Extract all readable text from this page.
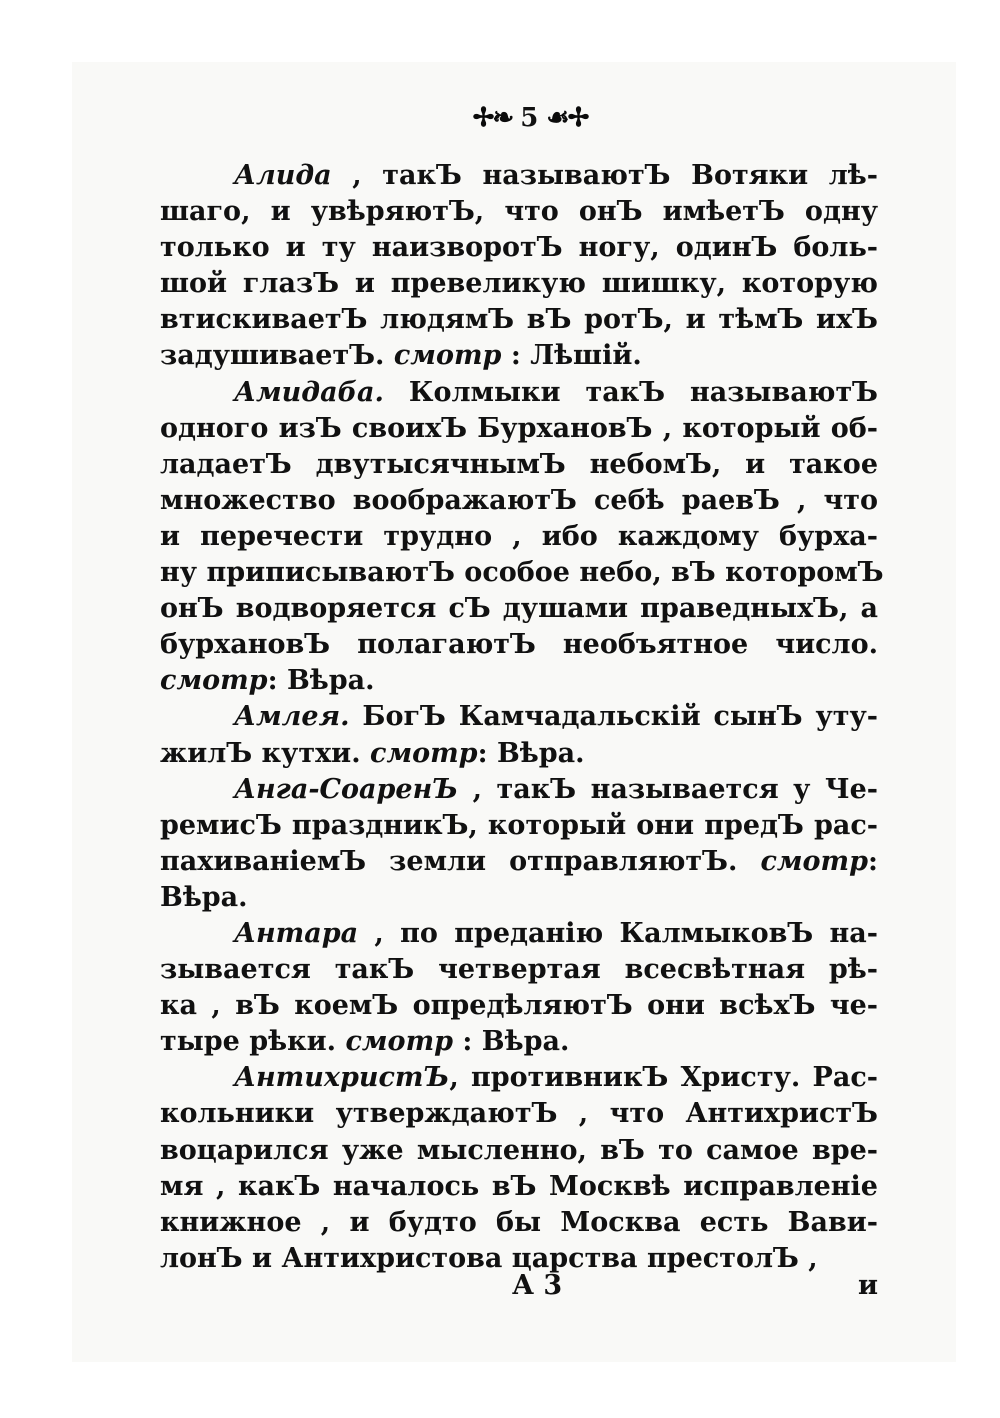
✢❧ 5 ☙✢

Алида , такЪ называютЪ Вотяки лѣ-
шаго, и увѣряютЪ, что онЪ имѣетЪ одну
только и ту наизворотЪ ногу, одинЪ боль-
шой глазЪ и превеликую шишку, которую
втискиваетЪ людямЪ вЪ ротЪ, и тѣмЪ ихЪ
задушиваетЪ. смотр : Лѣшій.

Амидаба. Колмыки такЪ называютЪ
одного изЪ своихЪ БурхановЪ , который об-
ладаетЪ двутысячнымЪ небомЪ, и такое
множество воображаютЪ себѣ раевЪ , что
и перечести трудно , ибо каждому бурха-
ну приписываютЪ особое небо, вЪ которомЪ
онЪ водворяется сЪ душами праведныхЪ, а
бурхановЪ полагаютЪ необъятное число.
смотр: Вѣра.

Амлея. БогЪ Камчадальскій сынЪ уту-
жилЪ кутхи. смотр: Вѣра.

Анга-СоаренЪ , такЪ называется у Че-
ремисЪ праздникЪ, который они предЪ рас-
пахиваніемЪ земли отправляютЪ. смотр:
Вѣра.

Антара , по преданію КалмыковЪ на-
зывается такЪ четвертая всесвѣтная рѣ-
ка , вЪ коемЪ опредѣляютЪ они всѣхЪ че-
тыре рѣки. смотр : Вѣра.

АнтихристЪ, противникЪ Христу. Рас-
кольники утверждаютЪ , что АнтихристЪ
воцарился уже мысленно, вЪ то самое вре-
мя , какЪ началось вЪ Москвѣ исправленіе
книжное , и будто бы Москва есть Вави-
лонЪ и Антихристова царства престолЪ ,

А 3	и
